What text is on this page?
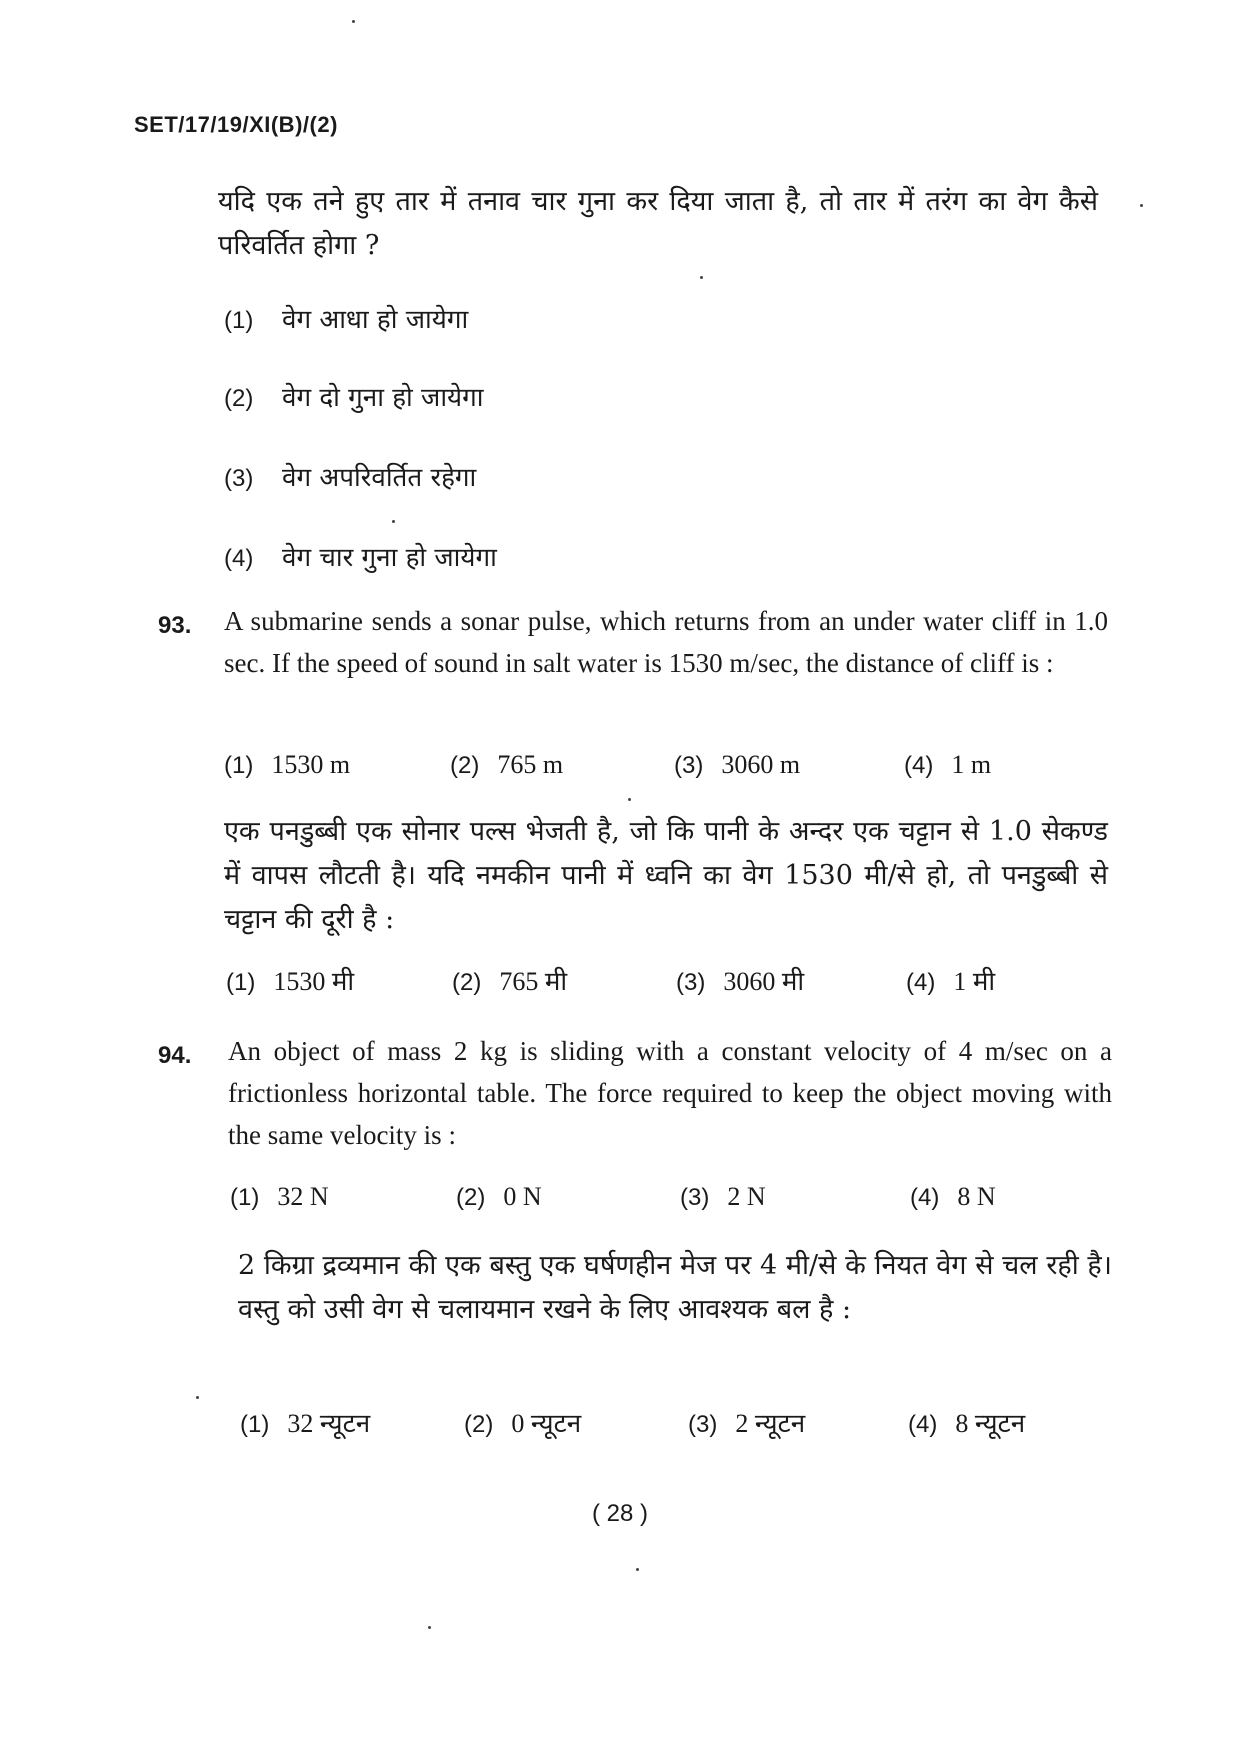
SET/17/19/XI(B)/(2)
यदि एक तने हुए तार में तनाव चार गुना कर दिया जाता है, तो तार में तरंग का वेग कैसे परिवर्तित होगा ?
(1) वेग आधा हो जायेगा
(2) वेग दो गुना हो जायेगा
(3) वेग अपरिवर्तित रहेगा
(4) वेग चार गुना हो जायेगा
93. A submarine sends a sonar pulse, which returns from an under water cliff in 1.0 sec. If the speed of sound in salt water is 1530 m/sec, the distance of cliff is :
(1) 1530 m	(2) 765 m	(3) 3060 m	(4) 1 m
एक पनडुब्बी एक सोनार पल्स भेजती है, जो कि पानी के अन्दर एक चट्टान से 1.0 सेकण्ड में वापस लौटती है। यदि नमकीन पानी में ध्वनि का वेग 1530 मी/से हो, तो पनडुब्बी से चट्टान की दूरी है :
(1) 1530 मी	(2) 765 मी	(3) 3060 मी	(4) 1 मी
94. An object of mass 2 kg is sliding with a constant velocity of 4 m/sec on a frictionless horizontal table. The force required to keep the object moving with the same velocity is :
(1) 32 N	(2) 0 N	(3) 2 N	(4) 8 N
2 किग्रा द्रव्यमान की एक बस्तु एक घर्षणहीन मेज पर 4 मी/से के नियत वेग से चल रही है। वस्तु को उसी वेग से चलायमान रखने के लिए आवश्यक बल है :
(1) 32 न्यूटन	(2) 0 न्यूटन	(3) 2 न्यूटन	(4) 8 न्यूटन
( 28 )
